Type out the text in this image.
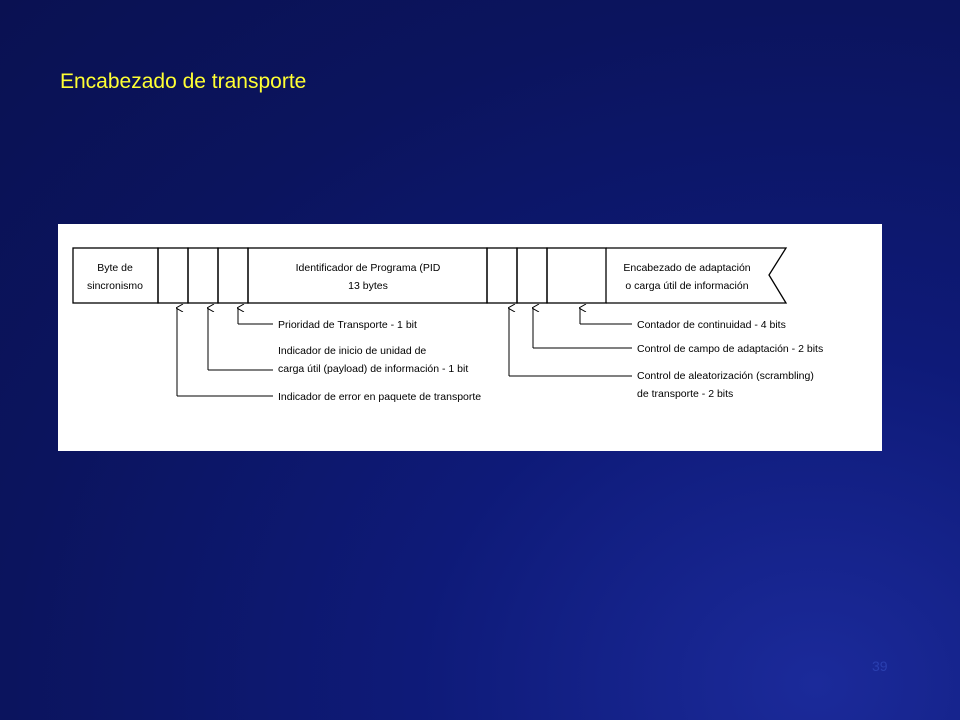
Encabezado de transporte
Byte de
sincronismo
Identificador de Programa (PID
13 bytes
Encabezado de adaptación
o carga útil de información
Prioridad de Transporte - 1 bit
Indicador de inicio de unidad de
carga útil (payload) de información - 1 bit
Indicador de error en paquete de transporte
Contador de continuidad - 4 bits
Control de campo de adaptación - 2 bits
Control de aleatorización (scrambling)
de transporte - 2 bits
39
